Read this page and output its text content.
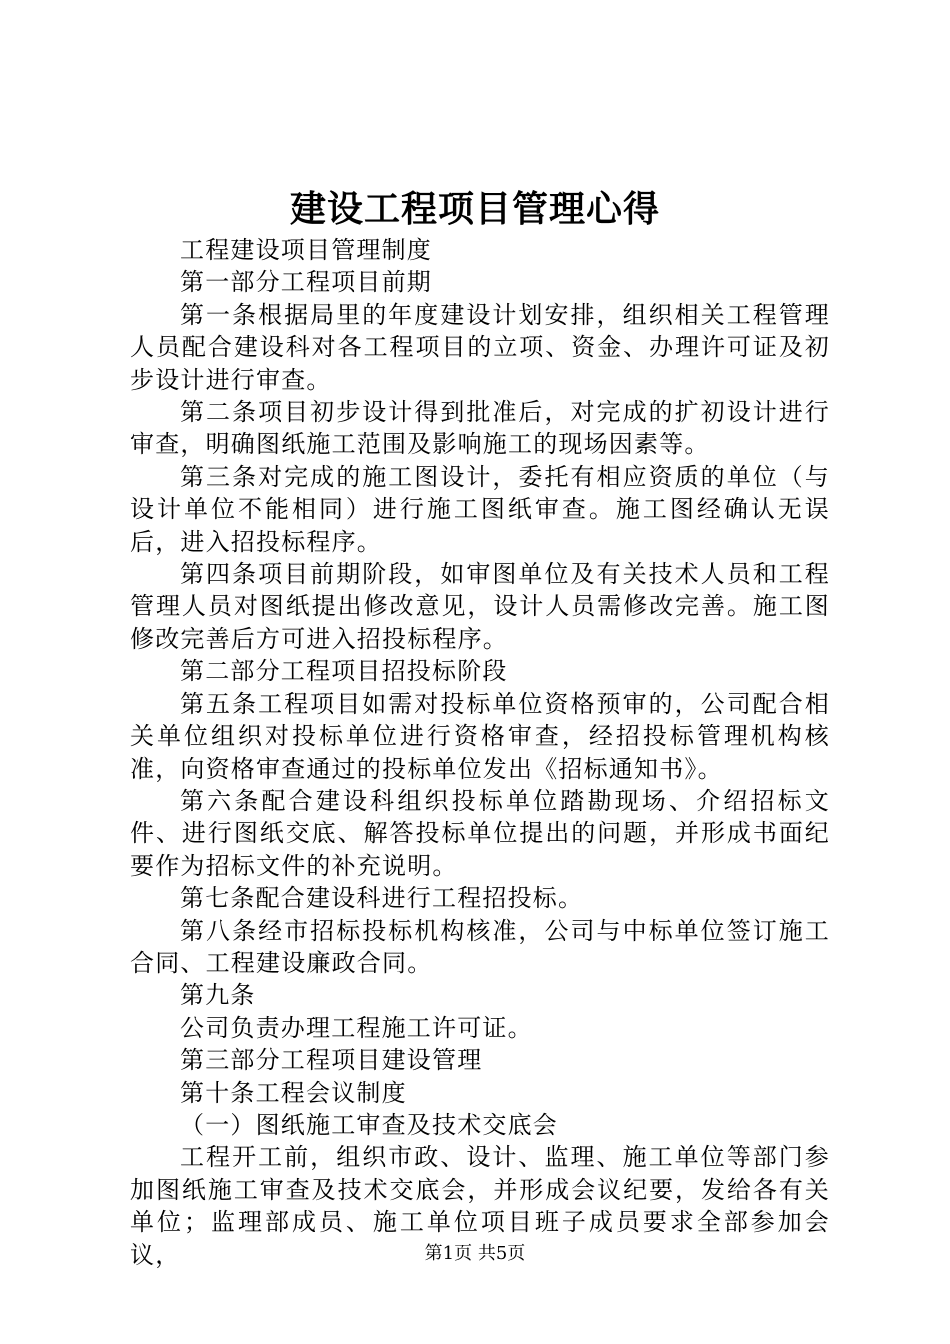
建设工程项目管理心得

工程建设项目管理制度

第一部分工程项目前期

第一条根据局里的年度建设计划安排，组织相关工程管理人员配合建设科对各工程项目的立项、资金、办理许可证及初步设计进行审查。

第二条项目初步设计得到批准后，对完成的扩初设计进行审查，明确图纸施工范围及影响施工的现场因素等。

第三条对完成的施工图设计，委托有相应资质的单位（与设计单位不能相同）进行施工图纸审查。施工图经确认无误后，进入招投标程序。

第四条项目前期阶段，如审图单位及有关技术人员和工程管理人员对图纸提出修改意见，设计人员需修改完善。施工图修改完善后方可进入招投标程序。

第二部分工程项目招投标阶段

第五条工程项目如需对投标单位资格预审的，公司配合相关单位组织对投标单位进行资格审查，经招投标管理机构核准，向资格审查通过的投标单位发出《招标通知书》。

第六条配合建设科组织投标单位踏勘现场、介绍招标文件、进行图纸交底、解答投标单位提出的问题，并形成书面纪要作为招标文件的补充说明。

第七条配合建设科进行工程招投标。

第八条经市招标投标机构核准，公司与中标单位签订施工合同、工程建设廉政合同。

第九条

公司负责办理工程施工许可证。

第三部分工程项目建设管理

第十条工程会议制度

（一）图纸施工审查及技术交底会

工程开工前，组织市政、设计、监理、施工单位等部门参加图纸施工审查及技术交底会，并形成会议纪要，发给各有关单位；监理部成员、施工单位项目班子成员要求全部参加会议，	第1页 共5页
